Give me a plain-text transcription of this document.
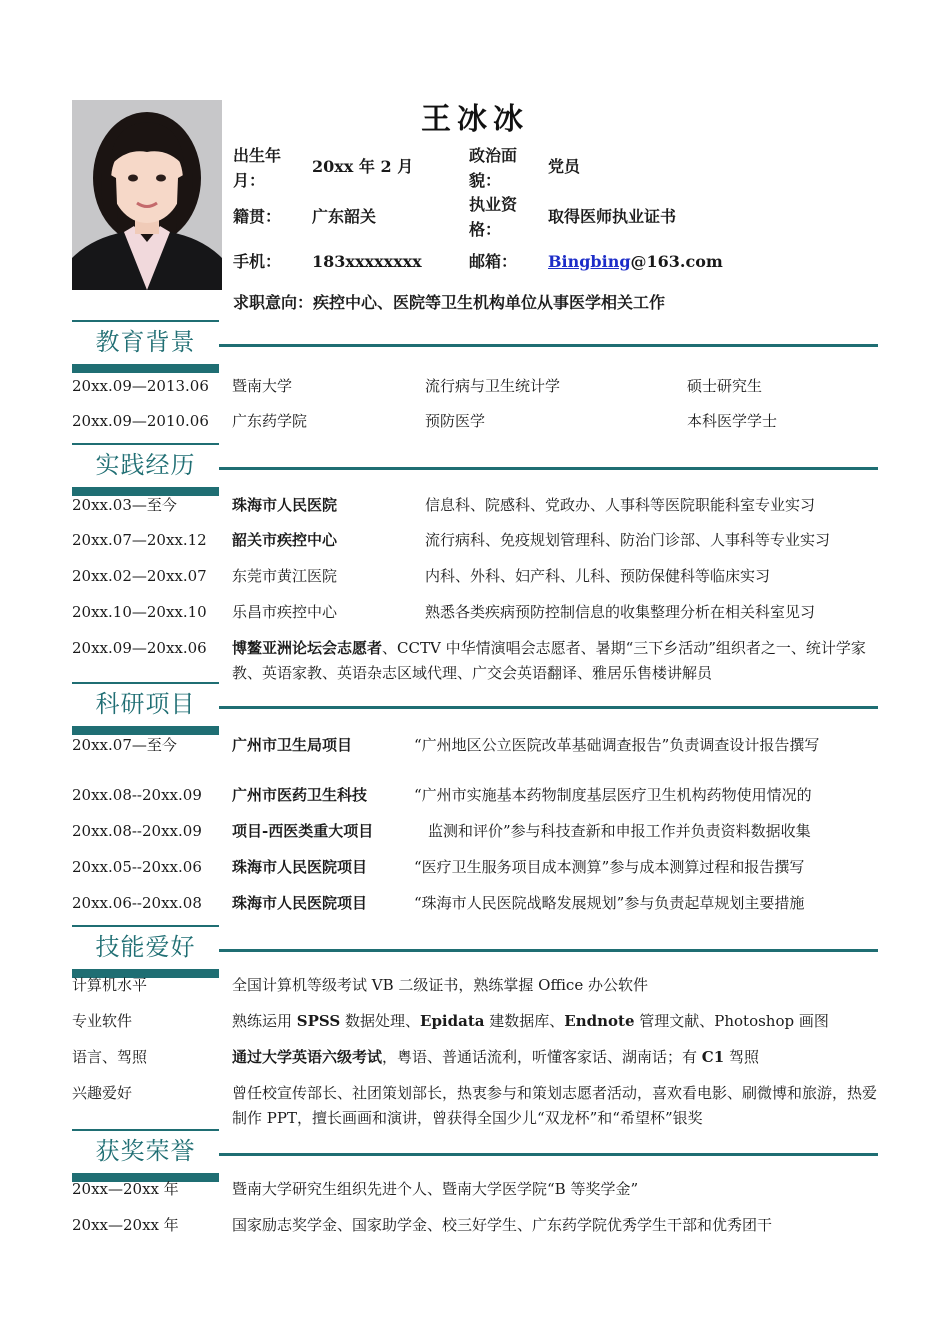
王冰冰
出生年月：
20xx 年 2 月
政治面貌：
党员
籍贯：	广东韶关
执业资格：
取得医师执业证书
手机：	183xxxxxxxx	邮箱：	Bingbing@163.com
求职意向：疾控中心、医院等卫生机构单位从事医学相关工作
教育背景
20xx.09—2013.06 暨南大学	流行病与卫生统计学	硕士研究生
20xx.09—2010.06 广东药学院	预防医学	本科医学学士
实践经历
20xx.03—至今	珠海市人民医院	信息科、院感科、党政办、人事科等医院职能科室专业实习
20xx.07—20xx.12 韶关市疾控中心	流行病科、免疫规划管理科、防治门诊部、人事科等专业实习
20xx.02—20xx.07 东莞市黄江医院	内科、外科、妇产科、儿科、预防保健科等临床实习
20xx.10—20xx.10 乐昌市疾控中心	熟悉各类疾病预防控制信息的收集整理分析在相关科室见习
20xx.09—20xx.06 博鳌亚洲论坛会志愿者、CCTV 中华情演唱会志愿者、暑期“三下乡活动”组织者之一、统计学家教、英语家教、英语杂志区域代理、广交会英语翻译、雅居乐售楼讲解员
科研项目
20xx.07—至今	广州市卫生局项目	“广州地区公立医院改革基础调查报告”负责调查设计报告撰写
20xx.08--20xx.09 广州市医药卫生科技	“广州市实施基本药物制度基层医疗卫生机构药物使用情况的
20xx.08--20xx.09 项目-西医类重大项目	监测和评价”参与科技查新和申报工作并负责资料数据收集
20xx.05--20xx.06 珠海市人民医院项目	“医疗卫生服务项目成本测算”参与成本测算过程和报告撰写
20xx.06--20xx.08 珠海市人民医院项目	“珠海市人民医院战略发展规划”参与负责起草规划主要措施
技能爱好
计算机水平	全国计算机等级考试 VB 二级证书，熟练掌握 Office 办公软件
专业软件	熟练运用 SPSS 数据处理、Epidata 建数据库、Endnote 管理文献、Photoshop 画图
语言、驾照	通过大学英语六级考试，粤语、普通话流利，听懂客家话、湖南话；有 C1 驾照
兴趣爱好	曾任校宣传部长、社团策划部长，热衷参与和策划志愿者活动，喜欢看电影、刷微博和旅游，热爱制作 PPT，擅长画画和演讲，曾获得全国少儿“双龙杯”和“希望杯”银奖
获奖荣誉
20xx—20xx 年	暨南大学研究生组织先进个人、暨南大学医学院“B 等奖学金”
20xx—20xx 年	国家励志奖学金、国家助学金、校三好学生、广东药学院优秀学生干部和优秀团干
